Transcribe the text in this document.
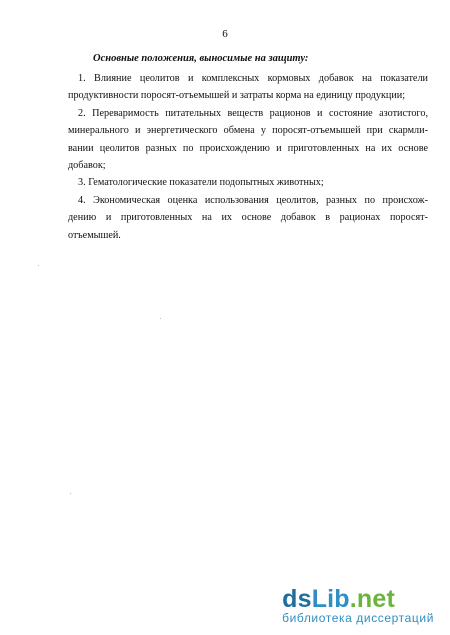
6
Основные положения, выносимые на защиту:
1. Влияние цеолитов и комплексных кормовых добавок на показатели
продуктивности поросят-отъемышей и затраты корма на единицу продукции;
2. Переваримость питательных веществ рационов и состояние азотистого,
минерального и энергетического обмена у поросят-отъемышей при скармли-
вании цеолитов разных по происхождению и приготовленных на их основе
добавок;
3. Гематологические показатели подопытных животных;
4. Экономическая оценка использования цеолитов, разных по происхож-
дению и приготовленных на их основе добавок в рационах поросят-
отъемышей.
dsLib.net
библиотека диссертаций
